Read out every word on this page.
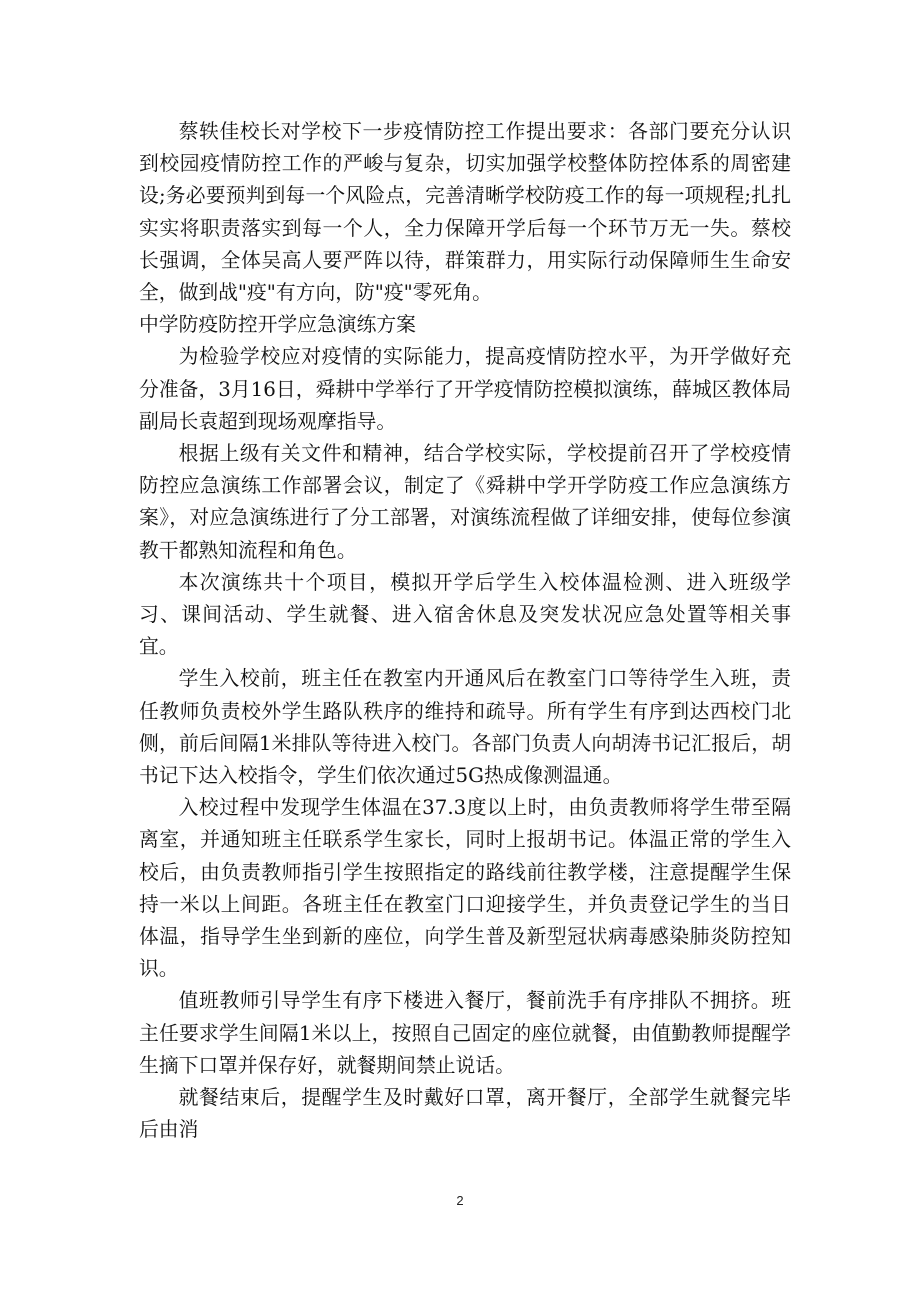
蔡轶佳校长对学校下一步疫情防控工作提出要求：各部门要充分认识到校园疫情防控工作的严峻与复杂，切实加强学校整体防控体系的周密建设;务必要预判到每一个风险点，完善清晰学校防疫工作的每一项规程;扎扎实实将职责落实到每一个人，全力保障开学后每一个环节万无一失。蔡校长强调，全体吴高人要严阵以待，群策群力，用实际行动保障师生生命安全，做到战"疫"有方向，防"疫"零死角。

中学防疫防控开学应急演练方案

为检验学校应对疫情的实际能力，提高疫情防控水平，为开学做好充分准备，3月16日，舜耕中学举行了开学疫情防控模拟演练，薛城区教体局副局长袁超到现场观摩指导。

根据上级有关文件和精神，结合学校实际，学校提前召开了学校疫情防控应急演练工作部署会议，制定了《舜耕中学开学防疫工作应急演练方案》，对应急演练进行了分工部署，对演练流程做了详细安排，使每位参演教干都熟知流程和角色。

本次演练共十个项目，模拟开学后学生入校体温检测、进入班级学习、课间活动、学生就餐、进入宿舍休息及突发状况应急处置等相关事宜。

学生入校前，班主任在教室内开通风后在教室门口等待学生入班，责任教师负责校外学生路队秩序的维持和疏导。所有学生有序到达西校门北侧，前后间隔1米排队等待进入校门。各部门负责人向胡涛书记汇报后，胡书记下达入校指令，学生们依次通过5G热成像测温通。

入校过程中发现学生体温在37.3度以上时，由负责教师将学生带至隔离室，并通知班主任联系学生家长，同时上报胡书记。体温正常的学生入校后，由负责教师指引学生按照指定的路线前往教学楼，注意提醒学生保持一米以上间距。各班主任在教室门口迎接学生，并负责登记学生的当日体温，指导学生坐到新的座位，向学生普及新型冠状病毒感染肺炎防控知识。

值班教师引导学生有序下楼进入餐厅，餐前洗手有序排队不拥挤。班主任要求学生间隔1米以上，按照自己固定的座位就餐，由值勤教师提醒学生摘下口罩并保存好，就餐期间禁止说话。

就餐结束后，提醒学生及时戴好口罩，离开餐厅，全部学生就餐完毕后由消

2
